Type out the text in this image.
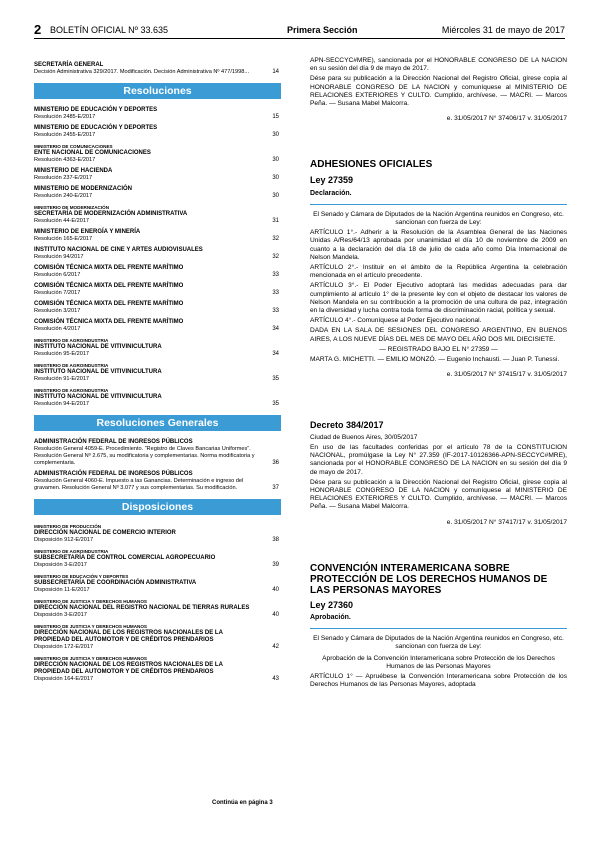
2 BOLETÍN OFICIAL Nº 33.635	Primera Sección	Miércoles 31 de mayo de 2017
SECRETARÍA GENERAL
Decisión Administrativa 329/2017. Modificación. Decisión Administrativa Nº 477/1998...	14
Resoluciones
MINISTERIO DE EDUCACIÓN Y DEPORTES
Resolución 2485-E/2017	15
MINISTERIO DE EDUCACIÓN Y DEPORTES
Resolución 2455-E/2017	30
MINISTERIO DE COMUNICACIONES
ENTE NACIONAL DE COMUNICACIONES
Resolución 4363-E/2017	30
MINISTERIO DE HACIENDA
Resolución 237-E/2017	30
MINISTERIO DE MODERNIZACIÓN
Resolución 240-E/2017	30
MINISTERIO DE MODERNIZACIÓN
SECRETARÍA DE MODERNIZACIÓN ADMINISTRATIVA
Resolución 44-E/2017	31
MINISTERIO DE ENERGÍA Y MINERÍA
Resolución 165-E/2017	32
INSTITUTO NACIONAL DE CINE Y ARTES AUDIOVISUALES
Resolución 94/2017	32
COMISIÓN TÉCNICA MIXTA DEL FRENTE MARÍTIMO
Resolución 6/2017	33
COMISIÓN TÉCNICA MIXTA DEL FRENTE MARÍTIMO
Resolución 7/2017	33
COMISIÓN TÉCNICA MIXTA DEL FRENTE MARÍTIMO
Resolución 3/2017	33
COMISIÓN TÉCNICA MIXTA DEL FRENTE MARÍTIMO
Resolución 4/2017	34
MINISTERIO DE AGROINDUSTRIA
INSTITUTO NACIONAL DE VITIVINICULTURA
Resolución 95-E/2017	34
MINISTERIO DE AGROINDUSTRIA
INSTITUTO NACIONAL DE VITIVINICULTURA
Resolución 91-E/2017	35
MINISTERIO DE AGROINDUSTRIA
INSTITUTO NACIONAL DE VITIVINICULTURA
Resolución 94-E/2017	35
Resoluciones Generales
ADMINISTRACIÓN FEDERAL DE INGRESOS PÚBLICOS
Resolución General 4059-E. Procedimiento. “Registro de Claves Bancarias Uniformes”. Resolución General Nº 2.675, su modificatoria y complementarias. Norma modificatoria y complementaria.	36
ADMINISTRACIÓN FEDERAL DE INGRESOS PÚBLICOS
Resolución General 4060-E. Impuesto a las Ganancias. Determinación e ingreso del gravamen. Resolución General Nº 3.077 y sus complementarias. Su modificación.	37
Disposiciones
MINISTERIO DE PRODUCCIÓN
DIRECCIÓN NACIONAL DE COMERCIO INTERIOR
Disposición 912-E/2017	38
MINISTERIO DE AGROINDUSTRIA
SUBSECRETARÍA DE CONTROL COMERCIAL AGROPECUARIO
Disposición 3-E/2017	39
MINISTERIO DE EDUCACIÓN Y DEPORTES
SUBSECRETARÍA DE COORDINACIÓN ADMINISTRATIVA
Disposición 11-E/2017	40
MINISTERIO DE JUSTICIA Y DERECHOS HUMANOS
DIRECCIÓN NACIONAL DEL REGISTRO NACIONAL DE TIERRAS RURALES
Disposición 3-E/2017	40
MINISTERIO DE JUSTICIA Y DERECHOS HUMANOS
DIRECCIÓN NACIONAL DE LOS REGISTROS NACIONALES DE LA PROPIEDAD DEL AUTOMOTOR Y DE CRÉDITOS PRENDARIOS
Disposición 172-E/2017	42
MINISTERIO DE JUSTICIA Y DERECHOS HUMANOS
DIRECCIÓN NACIONAL DE LOS REGISTROS NACIONALES DE LA PROPIEDAD DEL AUTOMOTOR Y DE CRÉDITOS PRENDARIOS
Disposición 164-E/2017	43
Continúa en página 3
APN-SECCYC#MRE), sancionada por el HONORABLE CONGRESO DE LA NACION en su sesión del día 9 de mayo de 2017.
Dése para su publicación a la Dirección Nacional del Registro Oficial, gírese copia al HONORABLE CONGRESO DE LA NACION y comuníquese al MINISTERIO DE RELACIONES EXTERIORES Y CULTO. Cumplido, archívese. — MACRI. — Marcos Peña. — Susana Mabel Malcorra.
e. 31/05/2017 N° 37406/17 v. 31/05/2017
ADHESIONES OFICIALES
Ley 27359
Declaración.
El Senado y Cámara de Diputados de la Nación Argentina reunidos en Congreso, etc. sancionan con fuerza de Ley:
ARTÍCULO 1°.- Adherir a la Resolución de la Asamblea General de las Naciones Unidas A/Res/64/13 aprobada por unanimidad el día 10 de noviembre de 2009 en cuanto a la declaración del día 18 de julio de cada año como Día Internacional de Nelson Mandela.
ARTÍCULO 2°.- Instituir en el ámbito de la República Argentina la celebración mencionada en el artículo precedente.
ARTÍCULO 3°.- El Poder Ejecutivo adoptará las medidas adecuadas para dar cumplimiento al artículo 1° de la presente ley con el objeto de destacar los valores de Nelson Mandela en su contribución a la promoción de una cultura de paz, integración en la diversidad y lucha contra toda forma de discriminación racial, política y sexual.
ARTÍCULO 4°.- Comuníquese al Poder Ejecutivo nacional.
DADA EN LA SALA DE SESIONES DEL CONGRESO ARGENTINO, EN BUENOS AIRES, A LOS NUEVE DÍAS DEL MES DE MAYO DEL AÑO DOS MIL DIECISIETE.
— REGISTRADO BAJO EL N° 27359 —
MARTA G. MICHETTI. — EMILIO MONZÓ. — Eugenio Inchausti. — Juan P. Tunessi.
e. 31/05/2017 N° 37415/17 v. 31/05/2017
Decreto 384/2017
Ciudad de Buenos Aires, 30/05/2017
En uso de las facultades conferidas por el artículo 78 de la CONSTITUCION NACIONAL, promúlgase la Ley N° 27.359 (IF-2017-10126366-APN-SECCYC#MRE), sancionada por el HONORABLE CONGRESO DE LA NACION en su sesión del día 9 de mayo de 2017.
Dése para su publicación a la Dirección Nacional del Registro Oficial, gírese copia al HONORABLE CONGRESO DE LA NACION y comuníquese al MINISTERIO DE RELACIONES EXTERIORES Y CULTO. Cumplido, archívese. — MACRI. — Marcos Peña. — Susana Mabel Malcorra.
e. 31/05/2017 N° 37417/17 v. 31/05/2017
CONVENCIÓN INTERAMERICANA SOBRE PROTECCIÓN DE LOS DERECHOS HUMANOS DE LAS PERSONAS MAYORES
Ley 27360
Aprobación.
El Senado y Cámara de Diputados de la Nación Argentina reunidos en Congreso, etc. sancionan con fuerza de Ley:
Aprobación de la Convención Interamericana sobre Protección de los Derechos Humanos de las Personas Mayores
ARTÍCULO 1° — Apruébese la Convención Interamericana sobre Protección de los Derechos Humanos de las Personas Mayores, adoptada
